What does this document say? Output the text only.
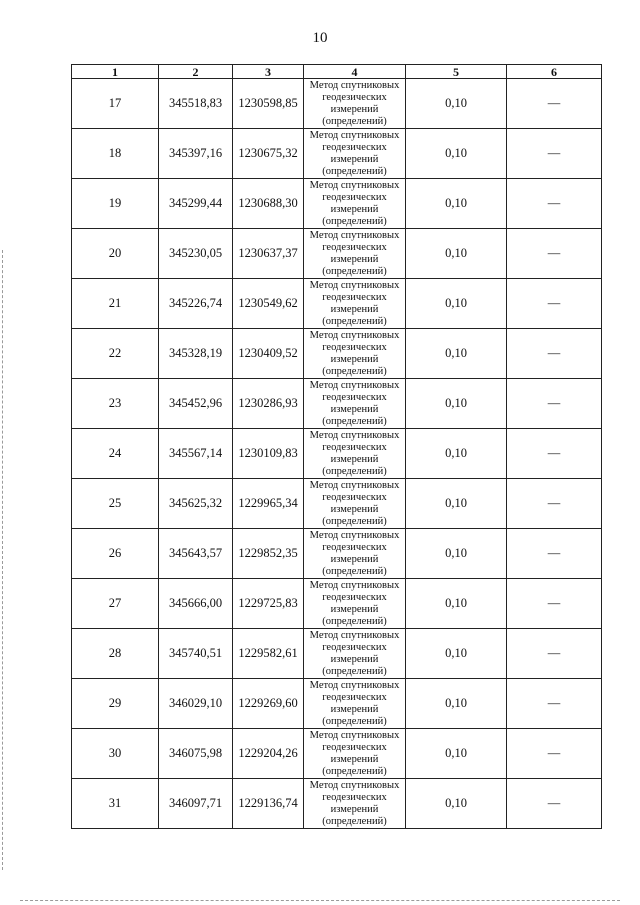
10
1	2	3	4	5	6
17	345518,83	1230598,85	Метод спутниковых
геодезических
измерений
(определений)	0,10	—
18	345397,16	1230675,32	Метод спутниковых
геодезических
измерений
(определений)	0,10	—
19	345299,44	1230688,30	Метод спутниковых
геодезических
измерений
(определений)	0,10	—
20	345230,05	1230637,37	Метод спутниковых
геодезических
измерений
(определений)	0,10	—
21	345226,74	1230549,62	Метод спутниковых
геодезических
измерений
(определений)	0,10	—
22	345328,19	1230409,52	Метод спутниковых
геодезических
измерений
(определений)	0,10	—
23	345452,96	1230286,93	Метод спутниковых
геодезических
измерений
(определений)	0,10	—
24	345567,14	1230109,83	Метод спутниковых
геодезических
измерений
(определений)	0,10	—
25	345625,32	1229965,34	Метод спутниковых
геодезических
измерений
(определений)	0,10	—
26	345643,57	1229852,35	Метод спутниковых
геодезических
измерений
(определений)	0,10	—
27	345666,00	1229725,83	Метод спутниковых
геодезических
измерений
(определений)	0,10	—
28	345740,51	1229582,61	Метод спутниковых
геодезических
измерений
(определений)	0,10	—
29	346029,10	1229269,60	Метод спутниковых
геодезических
измерений
(определений)	0,10	—
30	346075,98	1229204,26	Метод спутниковых
геодезических
измерений
(определений)	0,10	—
31	346097,71	1229136,74	Метод спутниковых
геодезических
измерений
(определений)	0,10	—
